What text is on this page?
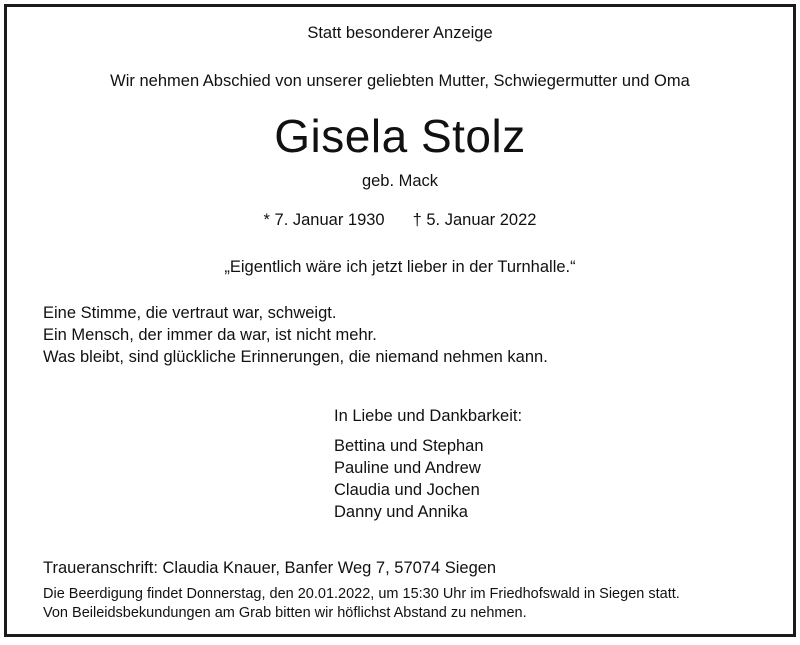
Statt besonderer Anzeige
Wir nehmen Abschied von unserer geliebten Mutter, Schwiegermutter und Oma
Gisela Stolz
geb. Mack
* 7. Januar 1930 † 5. Januar 2022
„Eigentlich wäre ich jetzt lieber in der Turnhalle.“
Eine Stimme, die vertraut war, schweigt.
Ein Mensch, der immer da war, ist nicht mehr.
Was bleibt, sind glückliche Erinnerungen, die niemand nehmen kann.
In Liebe und Dankbarkeit:
Bettina und Stephan
Pauline und Andrew
Claudia und Jochen
Danny und Annika
Traueranschrift: Claudia Knauer, Banfer Weg 7, 57074 Siegen
Die Beerdigung findet Donnerstag, den 20.01.2022, um 15:30 Uhr im Friedhofswald in Siegen statt.
Von Beileidsbekundungen am Grab bitten wir höflichst Abstand zu nehmen.
